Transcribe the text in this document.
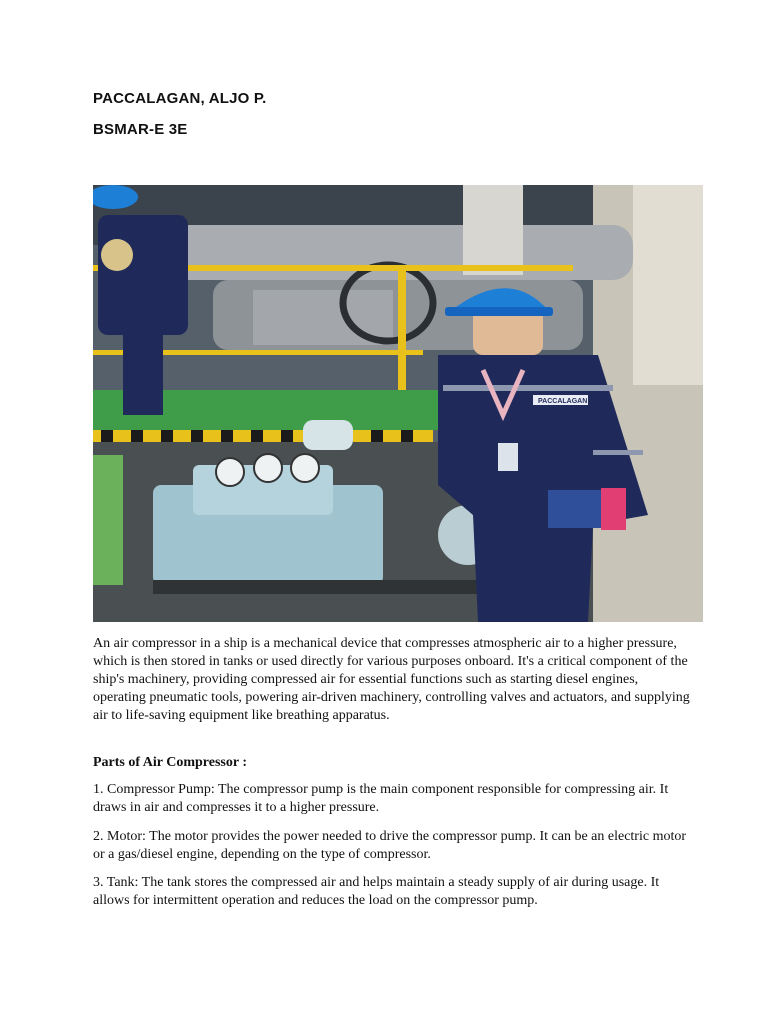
PACCALAGAN, ALJO P.
BSMAR-E 3E
PACCALAGAN A

An air compressor in a ship is a mechanical device that compresses atmospheric air to a higher pressure, which is then stored in tanks or used directly for various purposes onboard. It's a critical component of the ship's machinery, providing compressed air for essential functions such as starting diesel engines, operating pneumatic tools, powering air-driven machinery, controlling valves and actuators, and supplying air to life-saving equipment like breathing apparatus.

Parts of Air Compressor :

1. Compressor Pump: The compressor pump is the main component responsible for compressing air. It draws in air and compresses it to a higher pressure.

2. Motor: The motor provides the power needed to drive the compressor pump. It can be an electric motor or a gas/diesel engine, depending on the type of compressor.

3. Tank: The tank stores the compressed air and helps maintain a steady supply of air during usage. It allows for intermittent operation and reduces the load on the compressor pump.
